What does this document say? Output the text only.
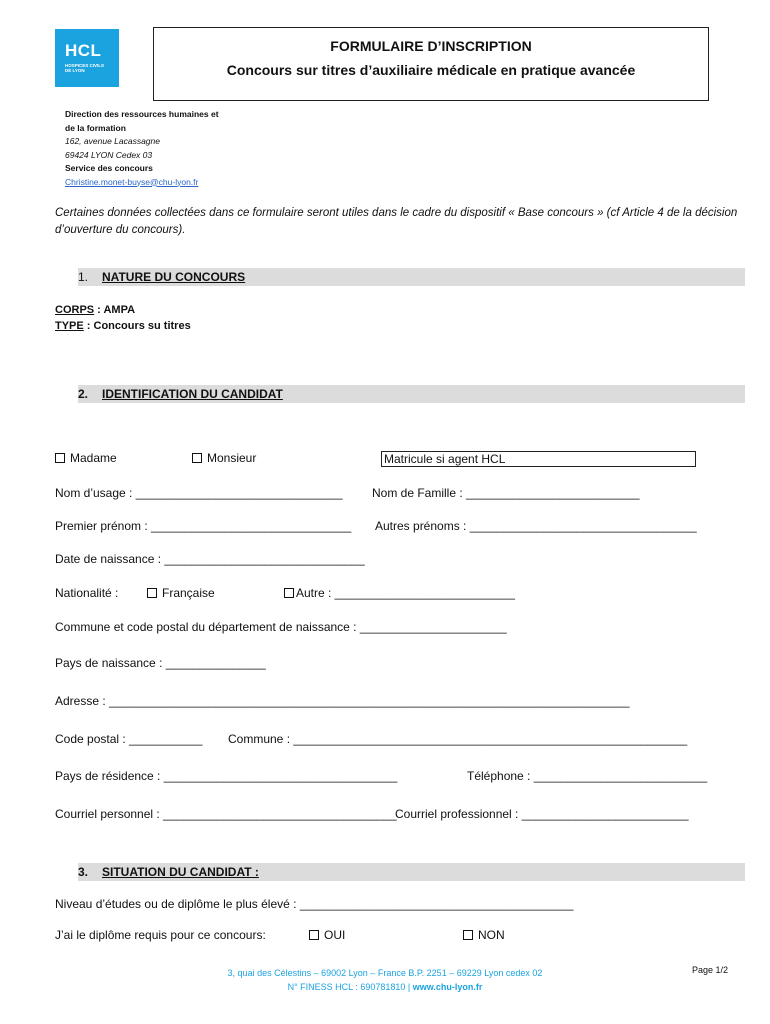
HCL
HOSPICES CIVILS DE LYON
FORMULAIRE D’INSCRIPTION
Concours sur titres d’auxiliaire médicale en pratique avancée
Direction des ressources humaines et
de la formation
162, avenue Lacassagne
69424 LYON Cedex 03
Service des concours
Christine.monet-buyse@chu-lyon.fr
Certaines données collectées dans ce formulaire seront utiles dans le cadre du dispositif « Base concours » (cf Article 4 de la décision d’ouverture du concours).
1. NATURE DU CONCOURS
CORPS : AMPA
TYPE : Concours su titres
2. IDENTIFICATION DU CANDIDAT
Madame	Monsieur	Matricule si agent HCL
Nom d’usage : _______________________________ Nom de Famille : __________________________
Premier prénom : ______________________________ Autres prénoms : __________________________________
Date de naissance : ______________________________
Nationalité :	Française	Autre : ___________________________
Commune et code postal du département de naissance : ______________________
Pays de naissance : _______________
Adresse : ______________________________________________________________________________
Code postal : ___________ Commune : ___________________________________________________________
Pays de résidence : ___________________________________	Téléphone : __________________________
Courriel personnel : ___________________________________
Courriel professionnel : _________________________
3. SITUATION DU CANDIDAT :
Niveau d’études ou de diplôme le plus élevé : _________________________________________
J’ai le diplôme requis pour ce concours:	OUI	NON
3, quai des Célestins – 69002 Lyon – France B.P. 2251 – 69229 Lyon cedex 02
N° FINESS HCL : 690781810 | www.chu-lyon.fr
Page 1/2
